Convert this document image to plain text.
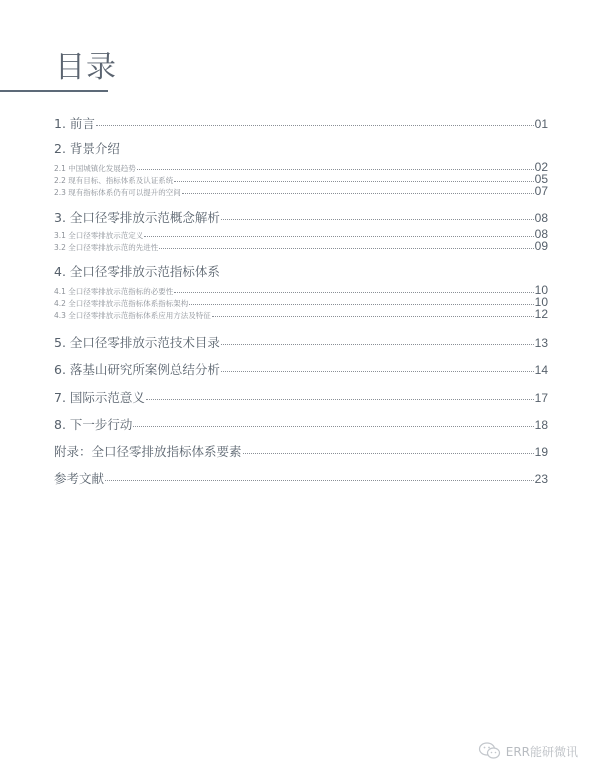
目录
1. 前言	01
2. 背景介绍
2.1 中国城镇化发展趋势	02
2.2 现有目标、指标体系及认证系统	05
2.3 现有指标体系仍有可以提升的空间	07
3. 全口径零排放示范概念解析	08
3.1 全口径零排放示范定义	08
3.2 全口径零排放示范的先进性	09
4. 全口径零排放示范指标体系
4.1 全口径零排放示范指标的必要性	10
4.2 全口径零排放示范指标体系指标架构	10
4.3 全口径零排放示范指标体系应用方法及特征	12
5. 全口径零排放示范技术目录	13
6. 落基山研究所案例总结分析	14
7. 国际示范意义	17
8. 下一步行动	18
附录：全口径零排放指标体系要素	19
参考文献	23
ERR能研微讯
